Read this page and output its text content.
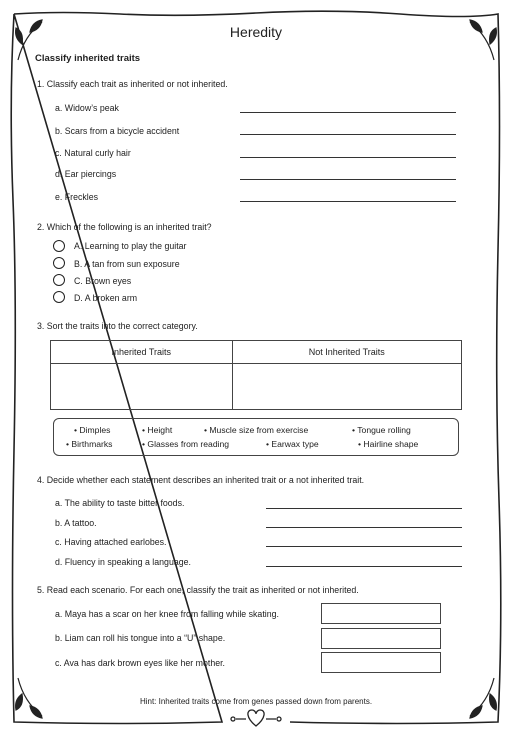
Heredity
Classify inherited traits
1. Classify each trait as inherited or not inherited.
a. Widow’s peak
b. Scars from a bicycle accident
c. Natural curly hair
d. Ear piercings
e. Freckles
2. Which of the following is an inherited trait?
A. Learning to play the guitar
B. A tan from sun exposure
C. Brown eyes
D. A broken arm
3. Sort the traits into the correct category.
Inherited Traits	Not Inherited Traits

• Dimples	• Height	• Muscle size from exercise	• Tongue rolling
• Birthmarks	• Glasses from reading	• Earwax type	• Hairline shape
4. Decide whether each statement describes an inherited trait or a not inherited trait.
a. The ability to taste bitter foods.
b. A tattoo.
c. Having attached earlobes.
d. Fluency in speaking a language.
5. Read each scenario. For each one, classify the trait as inherited or not inherited.
a. Maya has a scar on her knee from falling while skating.
b. Liam can roll his tongue into a “U” shape.
c. Ava has dark brown eyes like her mother.
Hint: Inherited traits come from genes passed down from parents.
